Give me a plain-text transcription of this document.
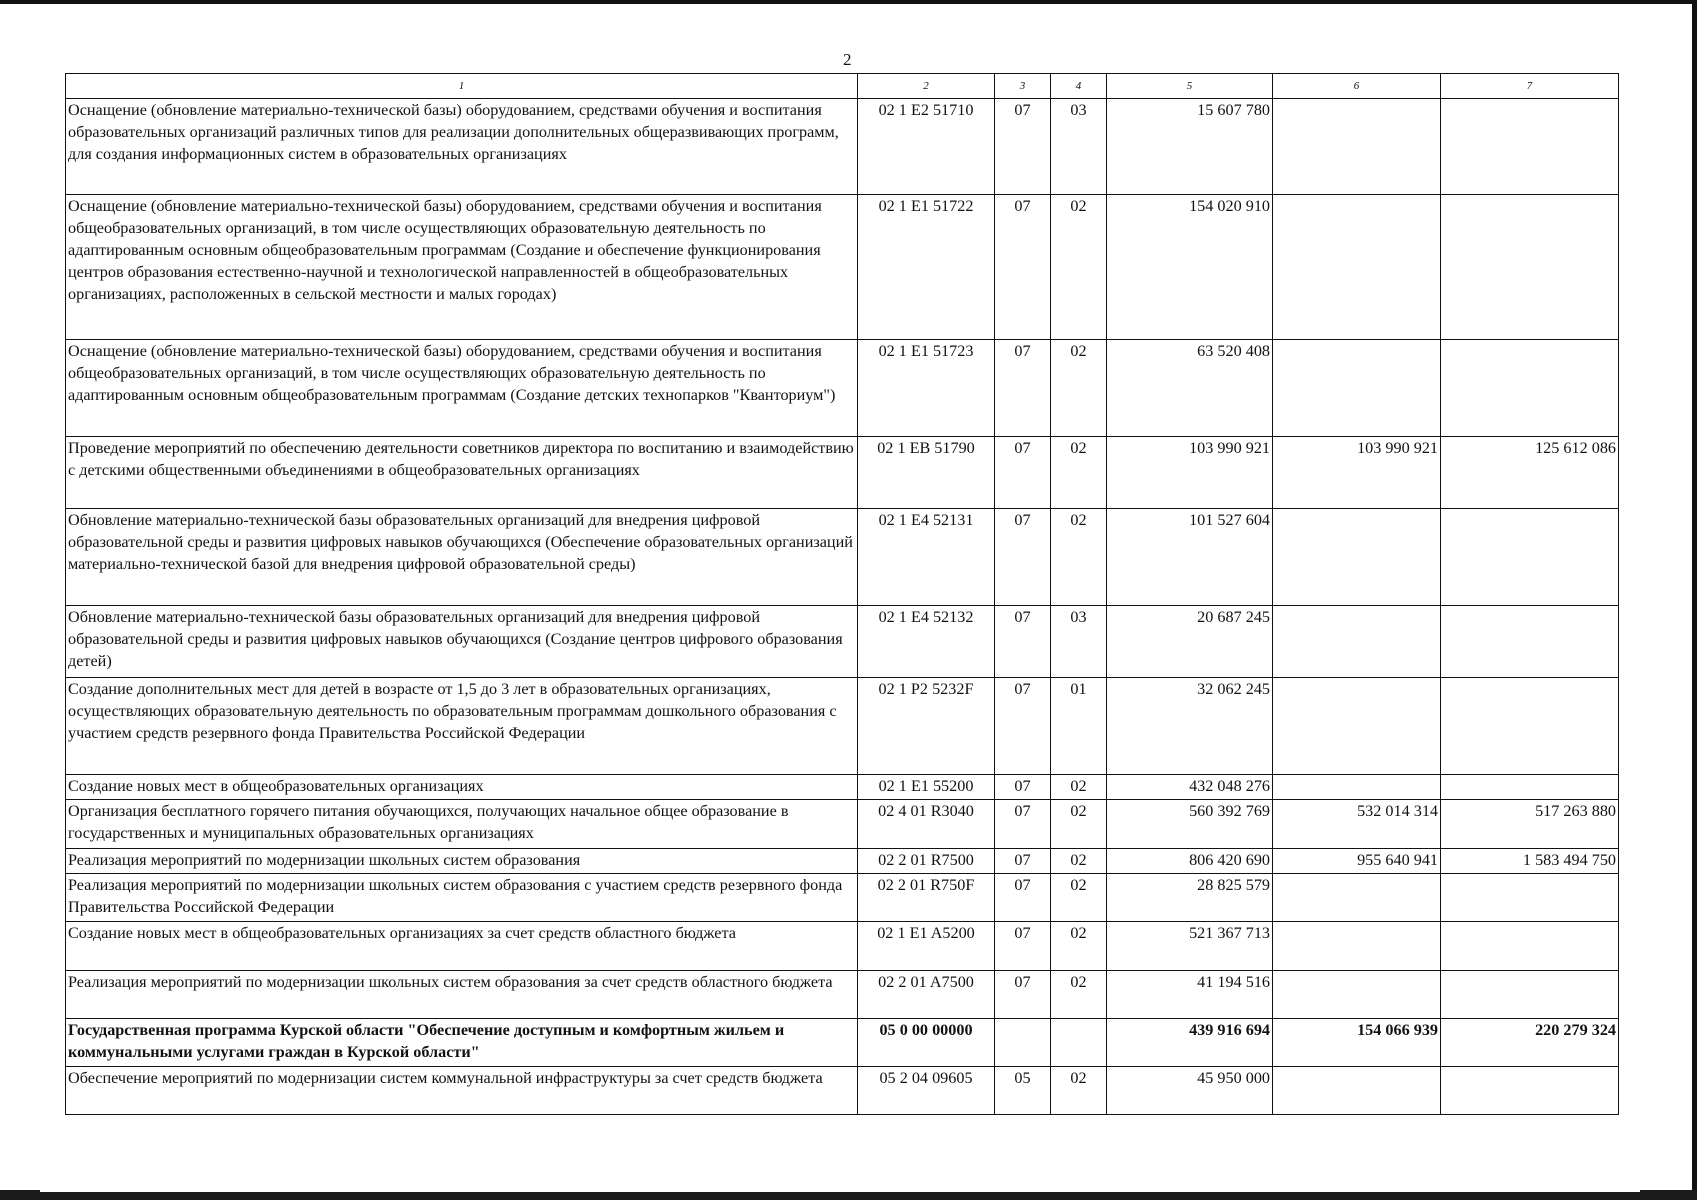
2
1	2	3	4	5	6	7
Оснащение (обновление материально-технической базы) оборудованием, средствами обучения и воспитания образовательных организаций различных типов для реализации дополнительных общеразвивающих программ, для создания информационных систем в образовательных организациях	02 1 E2 51710	07	03	15 607 780		
Оснащение (обновление материально-технической базы) оборудованием, средствами обучения и воспитания общеобразовательных организаций, в том числе осуществляющих образовательную деятельность по адаптированным основным общеобразовательным программам (Создание и обеспечение функционирования центров образования естественно-научной и технологической направленностей в общеобразовательных организациях, расположенных в сельской местности и малых городах)	02 1 E1 51722	07	02	154 020 910		
Оснащение (обновление материально-технической базы) оборудованием, средствами обучения и воспитания общеобразовательных организаций, в том числе осуществляющих образовательную деятельность по адаптированным основным общеобразовательным программам (Создание детских технопарков "Кванториум")	02 1 E1 51723	07	02	63 520 408		
Проведение мероприятий по обеспечению деятельности советников директора по воспитанию и взаимодействию с детскими общественными объединениями в общеобразовательных организациях	02 1 EB 51790	07	02	103 990 921	103 990 921	125 612 086
Обновление материально-технической базы образовательных организаций для внедрения цифровой образовательной среды и развития цифровых навыков обучающихся (Обеспечение образовательных организаций материально-технической базой для внедрения цифровой образовательной среды)	02 1 E4 52131	07	02	101 527 604		
Обновление материально-технической базы образовательных организаций для внедрения цифровой образовательной среды и развития цифровых навыков обучающихся (Создание центров цифрового образования детей)	02 1 E4 52132	07	03	20 687 245		
Создание дополнительных мест для детей в возрасте от 1,5 до 3 лет в образовательных организациях, осуществляющих образовательную деятельность по образовательным программам дошкольного образования с участием средств резервного фонда Правительства Российской Федерации	02 1 P2 5232F	07	01	32 062 245		
Создание новых мест в общеобразовательных организациях	02 1 E1 55200	07	02	432 048 276		
Организация бесплатного горячего питания обучающихся, получающих начальное общее образование в государственных и муниципальных образовательных организациях	02 4 01 R3040	07	02	560 392 769	532 014 314	517 263 880
Реализация мероприятий по модернизации школьных систем образования	02 2 01 R7500	07	02	806 420 690	955 640 941	1 583 494 750
Реализация мероприятий по модернизации школьных систем образования с участием средств резервного фонда Правительства Российской Федерации	02 2 01 R750F	07	02	28 825 579		
Создание новых мест в общеобразовательных организациях за счет средств областного бюджета	02 1 E1 A5200	07	02	521 367 713		
Реализация мероприятий по модернизации школьных систем образования за счет средств областного бюджета	02 2 01 A7500	07	02	41 194 516		
Государственная программа Курской области "Обеспечение доступным и комфортным жильем и коммунальными услугами граждан в Курской области"	05 0 00 00000			439 916 694	154 066 939	220 279 324
Обеспечение мероприятий по модернизации систем коммунальной инфраструктуры за счет средств бюджета	05 2 04 09605	05	02	45 950 000		
